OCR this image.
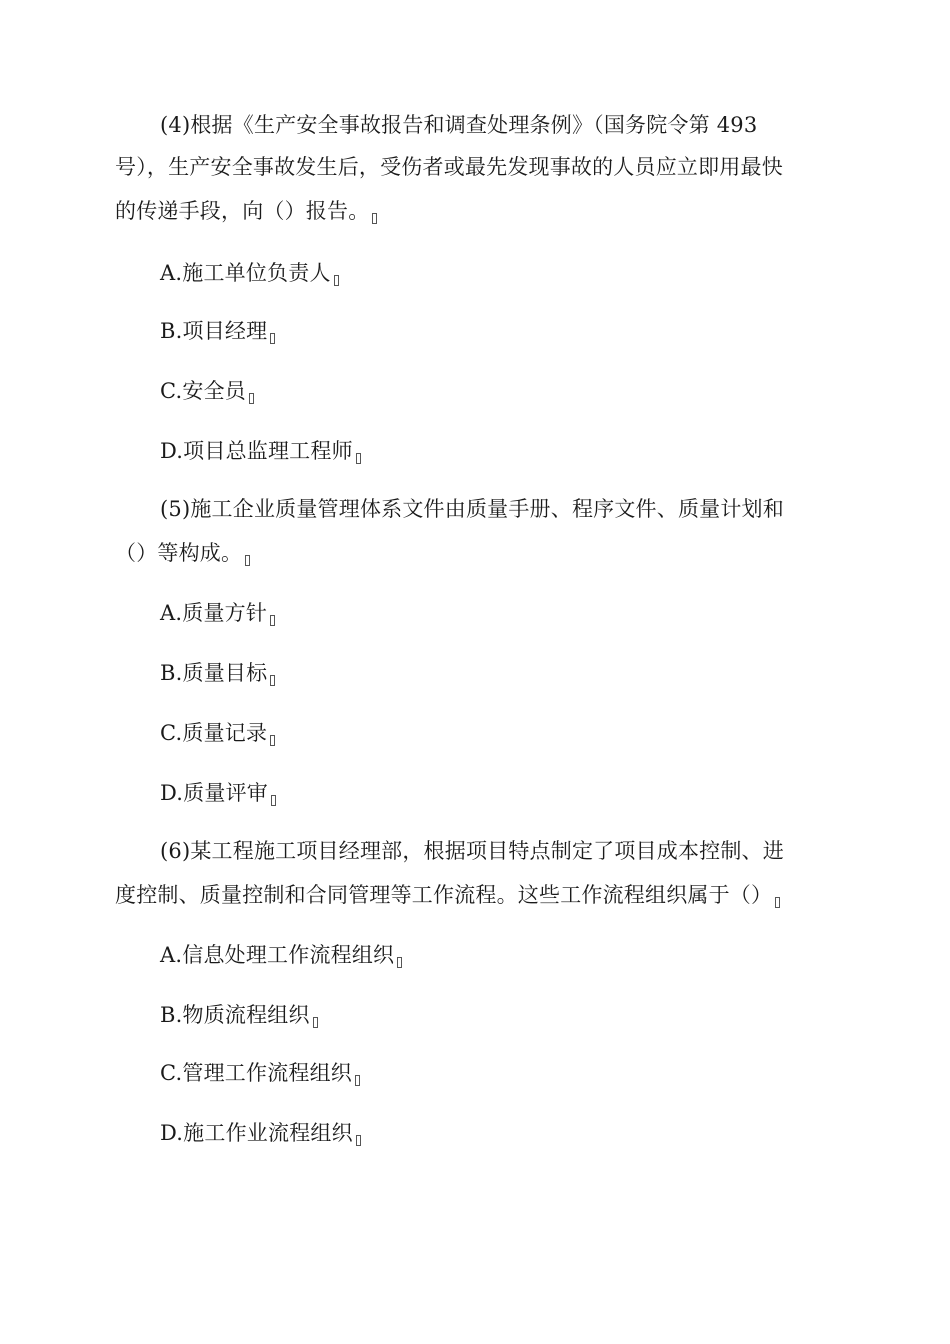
(4)根据《生产安全事故报告和调查处理条例》（国务院令第 493
号），生产安全事故发生后，受伤者或最先发现事故的人员应立即用最快
的传递手段，向（）报告。
A.施工单位负责人
B.项目经理
C.安全员
D.项目总监理工程师
(5)施工企业质量管理体系文件由质量手册、程序文件、质量计划和
（）等构成。
A.质量方针
B.质量目标
C.质量记录
D.质量评审
(6)某工程施工项目经理部，根据项目特点制定了项目成本控制、进
度控制、质量控制和合同管理等工作流程。这些工作流程组织属于（）
A.信息处理工作流程组织
B.物质流程组织
C.管理工作流程组织
D.施工作业流程组织
